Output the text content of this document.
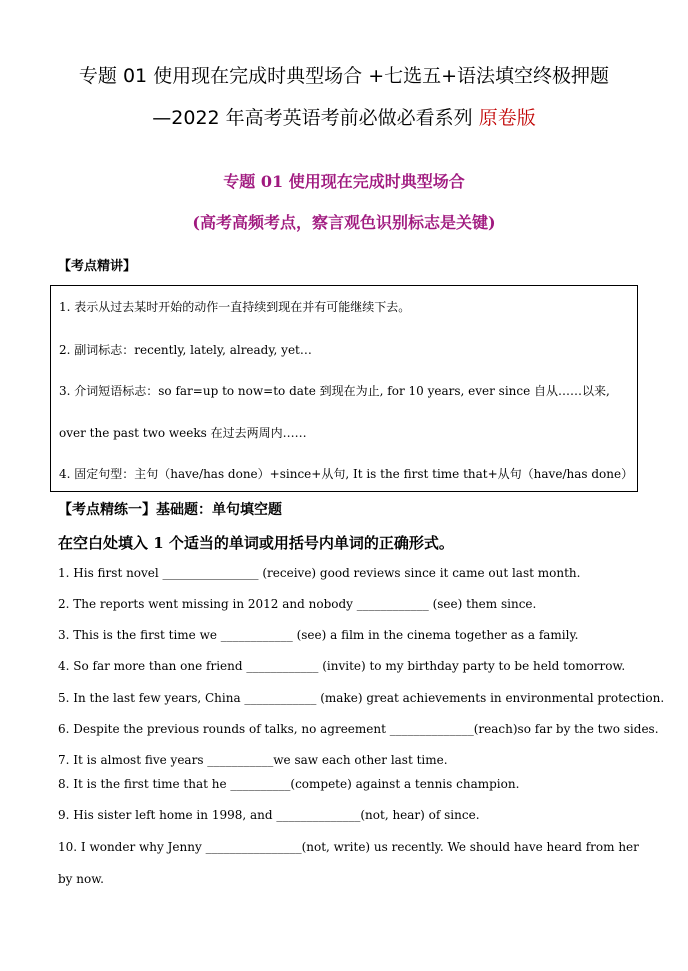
专题 01 使用现在完成时典型场合 +七选五+语法填空终极押题
—2022 年高考英语考前必做必看系列 原卷版
专题 01 使用现在完成时典型场合
(高考高频考点，察言观色识别标志是关键)
【考点精讲】

1. 表示从过去某时开始的动作一直持续到现在并有可能继续下去。

2. 副词标志：recently, lately, already, yet…

3. 介词短语标志：so far=up to now=to date 到现在为止, for 10 years, ever since 自从……以来,

over the past two weeks 在过去两周内……

4. 固定句型：主句（have/has done）+since+从句, It is the first time that+从句（have/has done）

【考点精练一】基础题：单句填空题
在空白处填入 1 个适当的单词或用括号内单词的正确形式。

1. His first novel ________________ (receive) good reviews since it came out last month.

2. The reports went missing in 2012 and nobody ____________ (see) them since.

3. This is the first time we ____________ (see) a film in the cinema together as a family.

4. So far more than one friend ____________ (invite) to my birthday party to be held tomorrow.

5. In the last few years, China ____________ (make) great achievements in environmental protection.

6. Despite the previous rounds of talks, no agreement ______________(reach)so far by the two sides.

7. It is almost five years ___________we saw each other last time.

8. It is the first time that he __________(compete) against a tennis champion.

9. His sister left home in 1998, and ______________(not, hear) of since.

10. I wonder why Jenny ________________(not, write) us recently. We should have heard from her

by now.
